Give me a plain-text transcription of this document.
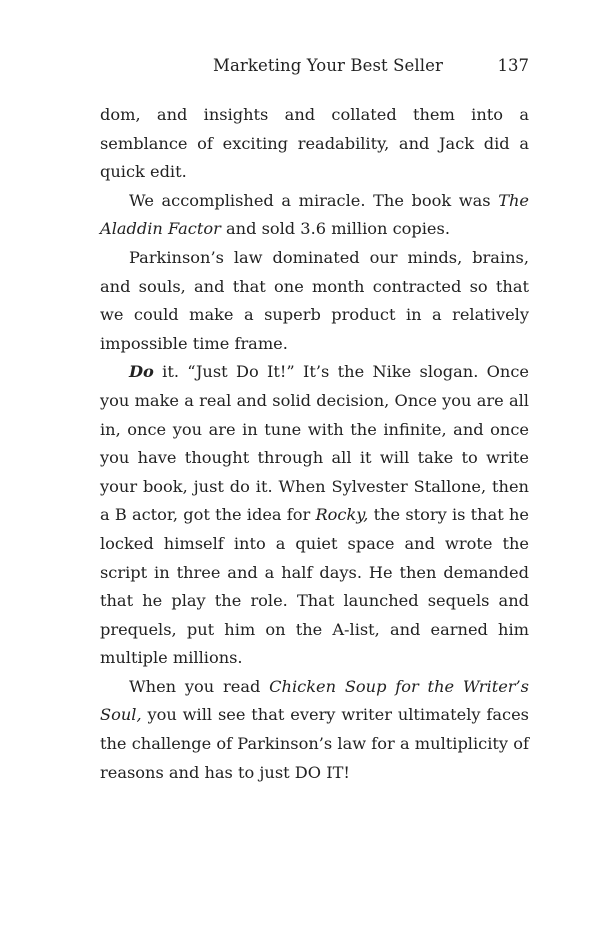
Marketing Your Best Seller	137

dom, and insights and collated them into a semblance of exciting readability, and Jack did a quick edit.

We accomplished a miracle. The book was The Aladdin Factor and sold 3.6 million copies.

Parkinson’s law dominated our minds, brains, and souls, and that one month contracted so that we could make a superb product in a relatively impossible time frame.

Do it. “Just Do It!” It’s the Nike slogan. Once you make a real and solid decision, Once you are all in, once you are in tune with the infinite, and once you have thought through all it will take to write your book, just do it. When Sylvester Stallone, then a B actor, got the idea for Rocky, the story is that he locked himself into a quiet space and wrote the script in three and a half days. He then demanded that he play the role. That launched sequels and prequels, put him on the A-list, and earned him multiple millions.

When you read Chicken Soup for the Writer’s Soul, you will see that every writer ultimately faces the challenge of Parkinson’s law for a multiplicity of reasons and has to just DO IT!
